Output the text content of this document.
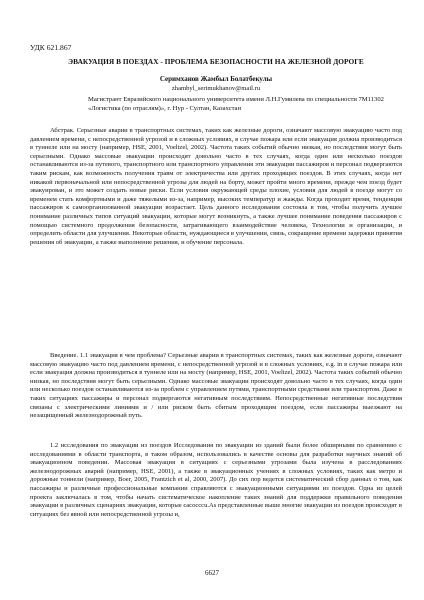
УДК 621.867
ЭВАКУАЦИЯ В ПОЕЗДАХ - ПРОБЛЕМА БЕЗОПАСНОСТИ НА ЖЕЛЕЗНОЙ ДОРОГЕ
Серимханов Жамбыл Болатбекулы
zhambyl_serimukhanov@mail.ru
Магистрант Евразийского национального университета имени Л.Н.Гумилева по специальности 7M11302 «Логистика (по отраслям)», г. Нур - Султан, Казахстан

Абстрак. Серьезные аварии в транспортных системах, таких как железные дороги, означают массовую эвакуацию часто под давлением времени, с непосредственной угрозой и в сложных условиях, в случае пожара или если эвакуация должна производиться в туннеле или на мосту (например, HSE, 2001, Voeltzel, 2002). Частота таких событий обычно низкая, но последствия могут быть серьезными. Однако массовые эвакуации происходят довольно часто в тех случаях, когда один или несколько поездов останавливаются из-за путевого, транспортного или транспортного управления эти эвакуации пассажиров и персонал подвергаются таким рискам, как возможность получения травм от электричества или других проходящих поездов. В этих случаях, когда нет никакой первоначальной или непосредственной угрозы для людей на борту, может пройти много времени, прежде чем поезд будет эвакуирован, и это может создать новые риски. Если условия окружающей среды плохие, условия для людей в поезде могут со временем стать комфортными и даже тяжелыми из-за, например, высоких температур и жажды. Когда проходит время, тенденция пассажиров к самоорганизованной эвакуации возрастает. Цель данного исследования состояла в том, чтобы получить лучшее понимание различных типов ситуаций эвакуации, которые могут возникнуть, а также лучшее понимание поведения пассажиров с помощью системного продолжения безопасности, затрагивающего взаимодействие человека, Технологии и организации, и определить области для улучшения. Некоторые области, нуждающиеся в улучшении, связь, сокращение времени задержки принятия решения об эвакуации, а также выполнение решения, и обучение персонала.

Введение. 1.1 эвакуация в чем проблема? Серьезные аварии в транспортных системах, таких как железные дороги, означают массовую эвакуацию часто под давлением времени, с непосредственной угрозой и в сложных условиях, e.g. in в случае пожара или если эвакуация должна производиться в туннеле или на мосту (например, HSE, 2001, Voeltzel, 2002). Частота таких событий обычно низкая, но последствия могут быть серьезными. Однако массовые эвакуации происходят довольно часто в тех случаях, когда один или несколько поездов останавливаются из-за проблем с управлением путями, транспортными средствами или транспортом. Даже в таких ситуациях пассажиры и персонал подвергаются негативным последствиям. Непосредственные негативные последствия связаны с электрическими линиями и / или риском быть сбитым проходящим поездом, если пассажиры выезжают на незащищенный железнодорожный путь.

1.2 исследования по эвакуации из поездов Исследования по эвакуации из зданий были более обширными по сравнению с исследованиями в области транспорта, в таком образом, использовались в качестве основы для разработки научных знаний об эвакуационном поведении. Массовая эвакуация в ситуациях с серьезными угрозами была изучена в расследованиях железнодорожных аварий (например, HSE, 2001), а также в эвакуационных учениях в сложных условиях, таких как метро и дорожные тоннели (например, Boer, 2005, Frantzich et al, 2000, 2007). До сих пор ведется систематический сбор данных о том, как пассажиры и различные профессиональные компании справляются с эвакуационными ситуациями из поездов. Одна из целей проекта заключалась в том, чтобы начать систематическое накопление таких знаний для поддержки правильного поведения эвакуации в различных сценариях эвакуации, которые cacocccu.As представленные выше многие эвакуации из поездов происходят в ситуациях без явной или непосредственной угрозы и,

6627
